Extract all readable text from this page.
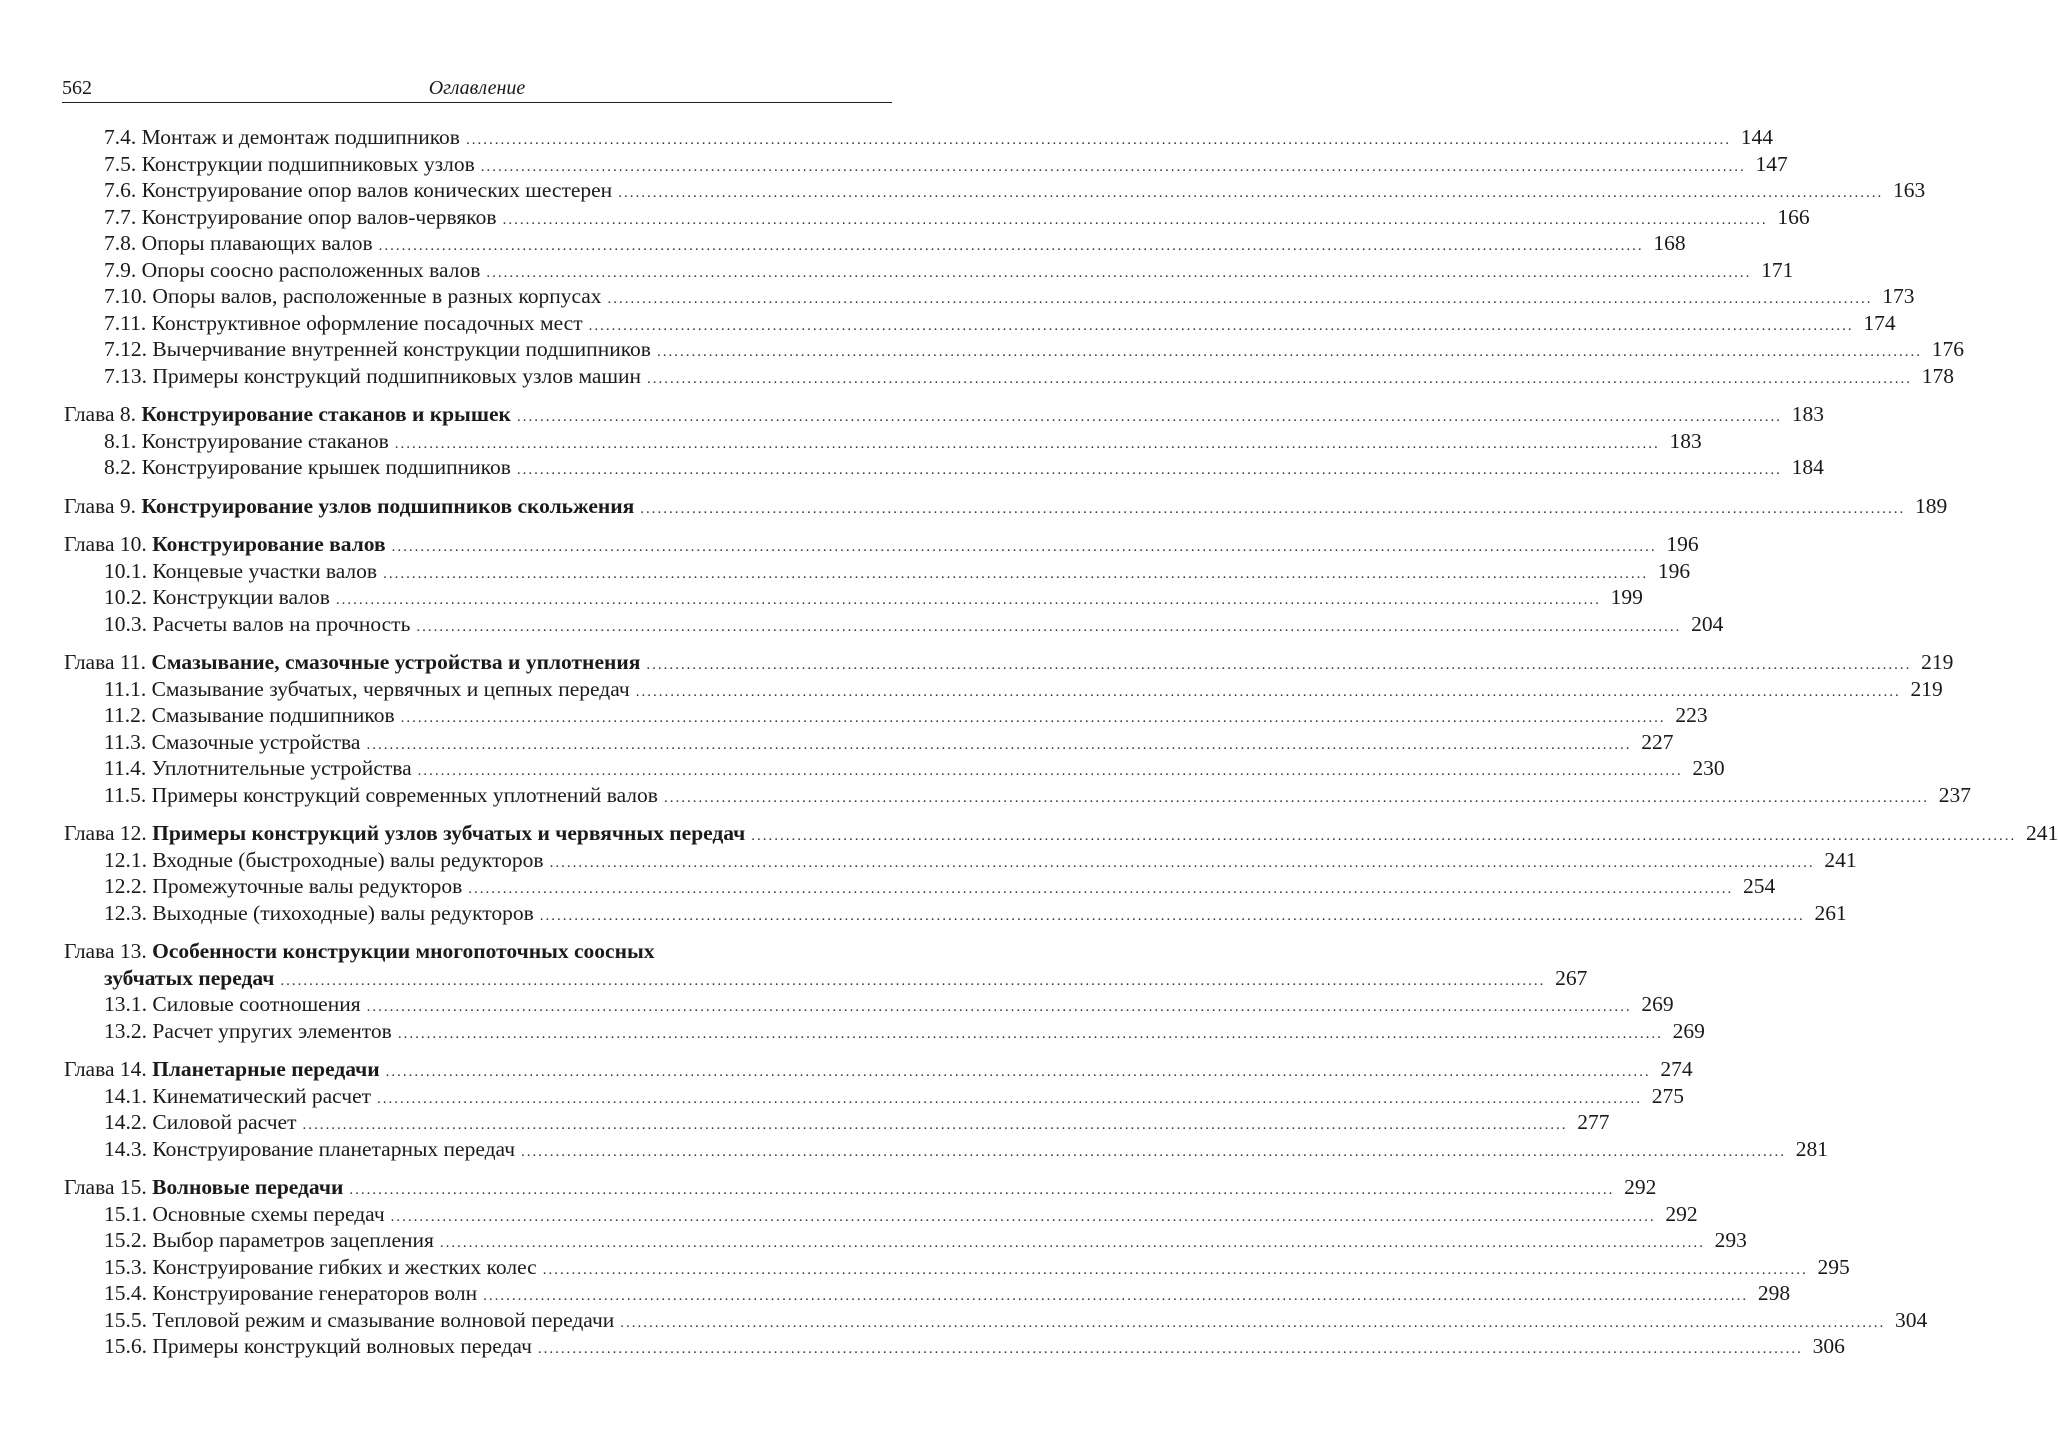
562	Оглавление
7.4. Монтаж и демонтаж подшипников ............................................................................................................................................................................................................................ 144
7.5. Конструкции подшипниковых узлов ............................................................................................................................................................................................................................ 147
7.6. Конструирование опор валов конических шестерен ............................................................................................................................................................................................................................ 163
7.7. Конструирование опор валов-червяков ............................................................................................................................................................................................................................ 166
7.8. Опоры плавающих валов ............................................................................................................................................................................................................................ 168
7.9. Опоры соосно расположенных валов ............................................................................................................................................................................................................................ 171
7.10. Опоры валов, расположенные в разных корпусах ............................................................................................................................................................................................................................ 173
7.11. Конструктивное оформление посадочных мест ............................................................................................................................................................................................................................ 174
7.12. Вычерчивание внутренней конструкции подшипников ............................................................................................................................................................................................................................ 176
7.13. Примеры конструкций подшипниковых узлов машин ............................................................................................................................................................................................................................ 178
Глава 8. Конструирование стаканов и крышек ............................................................................................................................................................................................................................ 183
8.1. Конструирование стаканов ............................................................................................................................................................................................................................ 183
8.2. Конструирование крышек подшипников ............................................................................................................................................................................................................................ 184
Глава 9. Конструирование узлов подшипников скольжения ............................................................................................................................................................................................................................ 189
Глава 10. Конструирование валов ............................................................................................................................................................................................................................ 196
10.1. Концевые участки валов ............................................................................................................................................................................................................................ 196
10.2. Конструкции валов ............................................................................................................................................................................................................................ 199
10.3. Расчеты валов на прочность ............................................................................................................................................................................................................................ 204
Глава 11. Смазывание, смазочные устройства и уплотнения ............................................................................................................................................................................................................................ 219
11.1. Смазывание зубчатых, червячных и цепных передач ............................................................................................................................................................................................................................ 219
11.2. Смазывание подшипников ............................................................................................................................................................................................................................ 223
11.3. Смазочные устройства ............................................................................................................................................................................................................................ 227
11.4. Уплотнительные устройства ............................................................................................................................................................................................................................ 230
11.5. Примеры конструкций современных уплотнений валов ............................................................................................................................................................................................................................ 237
Глава 12. Примеры конструкций узлов зубчатых и червячных передач ............................................................................................................................................................................................................................ 241
12.1. Входные (быстроходные) валы редукторов ............................................................................................................................................................................................................................ 241
12.2. Промежуточные валы редукторов ............................................................................................................................................................................................................................ 254
12.3. Выходные (тихоходные) валы редукторов ............................................................................................................................................................................................................................ 261
Глава 13. Особенности конструкции многопоточных соосных
зубчатых передач ............................................................................................................................................................................................................................ 267
13.1. Силовые соотношения ............................................................................................................................................................................................................................ 269
13.2. Расчет упругих элементов ............................................................................................................................................................................................................................ 269
Глава 14. Планетарные передачи ............................................................................................................................................................................................................................ 274
14.1. Кинематический расчет ............................................................................................................................................................................................................................ 275
14.2. Силовой расчет ............................................................................................................................................................................................................................ 277
14.3. Конструирование планетарных передач ............................................................................................................................................................................................................................ 281
Глава 15. Волновые передачи ............................................................................................................................................................................................................................ 292
15.1. Основные схемы передач ............................................................................................................................................................................................................................ 292
15.2. Выбор параметров зацепления ............................................................................................................................................................................................................................ 293
15.3. Конструирование гибких и жестких колес ............................................................................................................................................................................................................................ 295
15.4. Конструирование генераторов волн ............................................................................................................................................................................................................................ 298
15.5. Тепловой режим и смазывание волновой передачи ............................................................................................................................................................................................................................ 304
15.6. Примеры конструкций волновых передач ............................................................................................................................................................................................................................ 306
